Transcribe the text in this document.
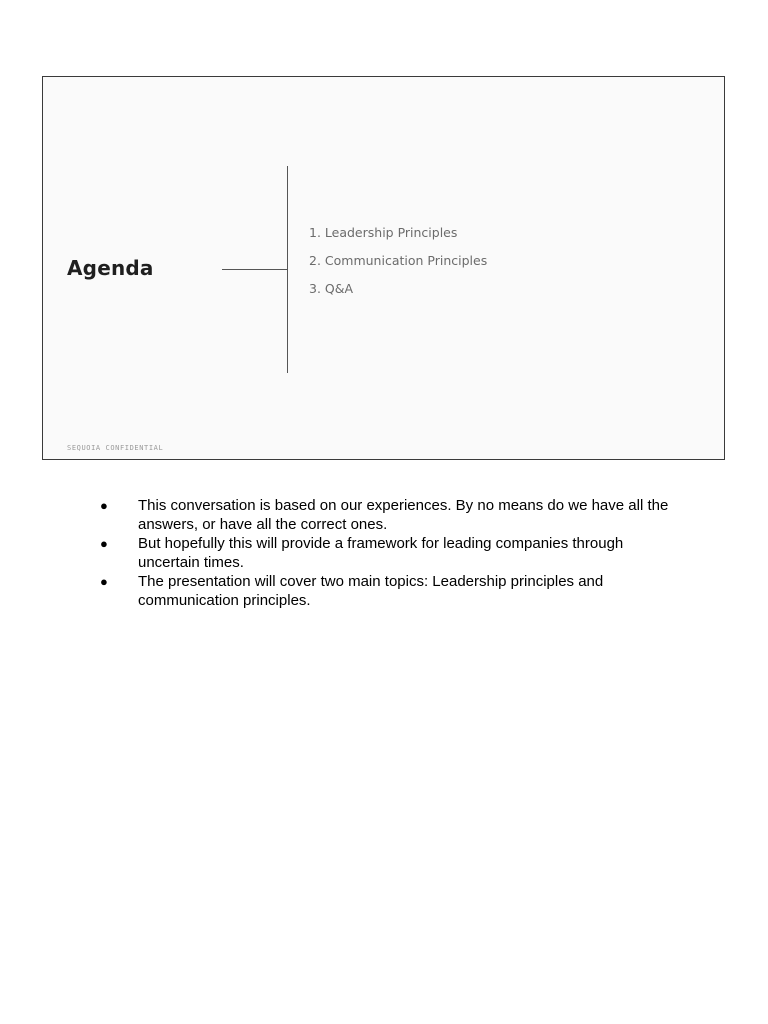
Agenda
1. Leadership Principles
2. Communication Principles
3. Q&A
SEQUOIA CONFIDENTIAL
● This conversation is based on our experiences. By no means do we have all the answers, or have all the correct ones.
● But hopefully this will provide a framework for leading companies through uncertain times.
● The presentation will cover two main topics: Leadership principles and communication principles.
